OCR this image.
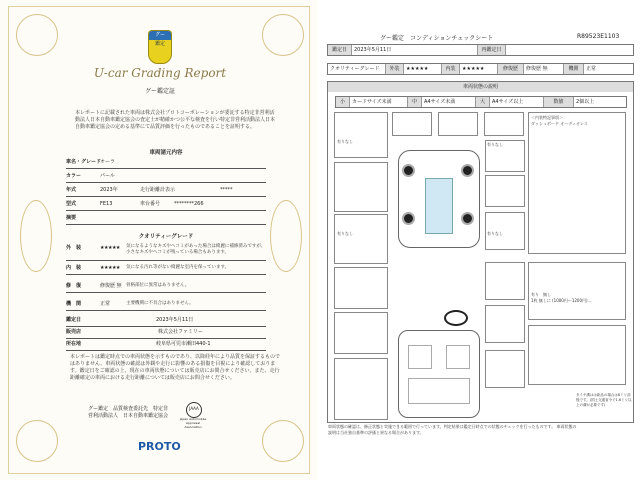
グー
鑑定
U-car Grading Report
グー鑑定証
本レポートに記載された車両は株式会社プロトコーポレーションが委託する特定非営利活動法人日本自動車鑑定協会の査定士が精確かつ公平な検査を行い特定非営利活動法人日本自動車鑑定協会の定める基準にて品質評価を行ったものであることを証明する。
車両諸元内容
車名・グレード
オーラ
カラー	パール
年式	2023年	走行距離計表示	*****
型式	FE13	車台番号	********266
摘要
クオリティーグレード
外　装	★★★★★ 気になるようなキズやヘコミがあった場合は綺麗に補修済みですが、小さなキズやヘコミが残っている場合もあります。
内　装	★★★★★ 気になる汚れ等がない綺麗な室内を保っています。
修　復	修復歴 無 骨格部位に異常はありません。
機　関	正常	主要機関に不具合はありません。
鑑定日	2023年5月11日
販売店	株式会社ファミリー
所在地	岐阜県可児市瀬田440-1
本レポートは鑑定時点での車両状態を示すものであり、以降経年により品質を保証するものではありません。車両状態の確認は外観や走行に影響のある損傷を目視により確認しております。鑑定日をご確認の上、現在の車両状態については販売店にお問合せください。また、走行距離確定の車両における走行距離については販売店にお問合せください。
グー鑑定　品質検査委託先　特定非営利活動法人　日本自動車鑑定協会
JAAA
Japan Automobile Appraisal Association
PROTO
グー鑑定　コンディションチェックシート	R89523E1103
鑑定日	2023年5月11日	再鑑定日
クオリティーグレード	外装	★★★★★	内装	★★★★★	修復歴	修復歴 無	機関	正常
車両状態の説明
小	カードサイズ未満	中	A4サイズ未満	大	A4サイズ以上	数値	2個以上
有りなし
有りなし
＜内装特記事項＞
ダッシュボード オーディオレス
有りなし
有りなし
有り　無し
1枚 無しに (1000円〜1200円)…
タイヤ溝はは新品の場合は8ミリ前後です。(国土交通省令で1.6ミリ以上の溝が必要です)
車両状態の確認は、修正状態と実施できる範囲で行っています。判定結果は鑑定日時点での状態のチェックを行ったものです。 車両状態の説明は当社独自基準の評価と異なる場合があります。
